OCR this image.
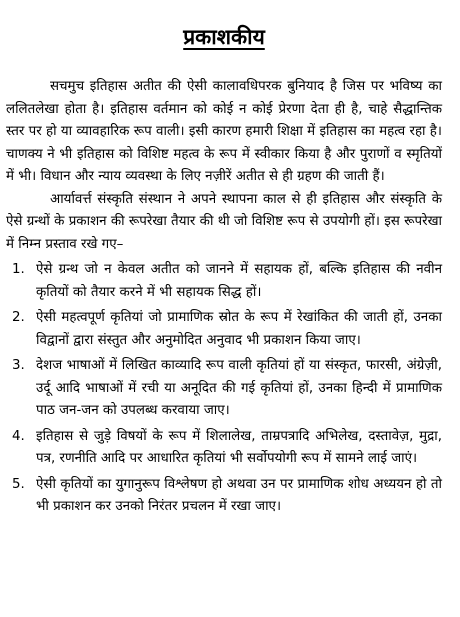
प्रकाशकीय

सचमुच इतिहास अतीत की ऐसी कालावधिपरक बुनियाद है जिस पर भविष्य का ललितलेखा होता है। इतिहास वर्तमान को कोई न कोई प्रेरणा देता ही है, चाहे सैद्धान्तिक स्तर पर हो या व्यावहारिक रूप वाली। इसी कारण हमारी शिक्षा में इतिहास का महत्व रहा है। चाणक्य ने भी इतिहास को विशिष्ट महत्व के रूप में स्वीकार किया है और पुराणों व स्मृतियों में भी। विधान और न्याय व्यवस्था के लिए नज़ीरें अतीत से ही ग्रहण की जाती हैं।

आर्यावर्त्त संस्कृति संस्थान ने अपने स्थापना काल से ही इतिहास और संस्कृति के ऐसे ग्रन्थों के प्रकाशन की रूपरेखा तैयार की थी जो विशिष्ट रूप से उपयोगी हों। इस रूपरेखा में निम्न प्रस्ताव रखे गए–

1. ऐसे ग्रन्थ जो न केवल अतीत को जानने में सहायक हों, बल्कि इतिहास की नवीन कृतियों को तैयार करने में भी सहायक सिद्ध हों।

2. ऐसी महत्वपूर्ण कृतियां जो प्रामाणिक स्रोत के रूप में रेखांकित की जाती हों, उनका विद्वानों द्वारा संस्तुत और अनुमोदित अनुवाद भी प्रकाशन किया जाए।

3. देशज भाषाओं में लिखित काव्यादि रूप वाली कृतियां हों या संस्कृत, फारसी, अंग्रेज़ी, उर्दू आदि भाषाओं में रची या अनूदित की गई कृतियां हों, उनका हिन्दी में प्रामाणिक पाठ जन-जन को उपलब्ध करवाया जाए।

4. इतिहास से जुड़े विषयों के रूप में शिलालेख, ताम्रपत्रादि अभिलेख, दस्तावेज़, मुद्रा, पत्र, रणनीति आदि पर आधारित कृतियां भी सर्वोपयोगी रूप में सामने लाई जाएं।

5. ऐसी कृतियों का युगानुरूप विश्लेषण हो अथवा उन पर प्रामाणिक शोध अध्ययन हो तो भी प्रकाशन कर उनको निरंतर प्रचलन में रखा जाए।
